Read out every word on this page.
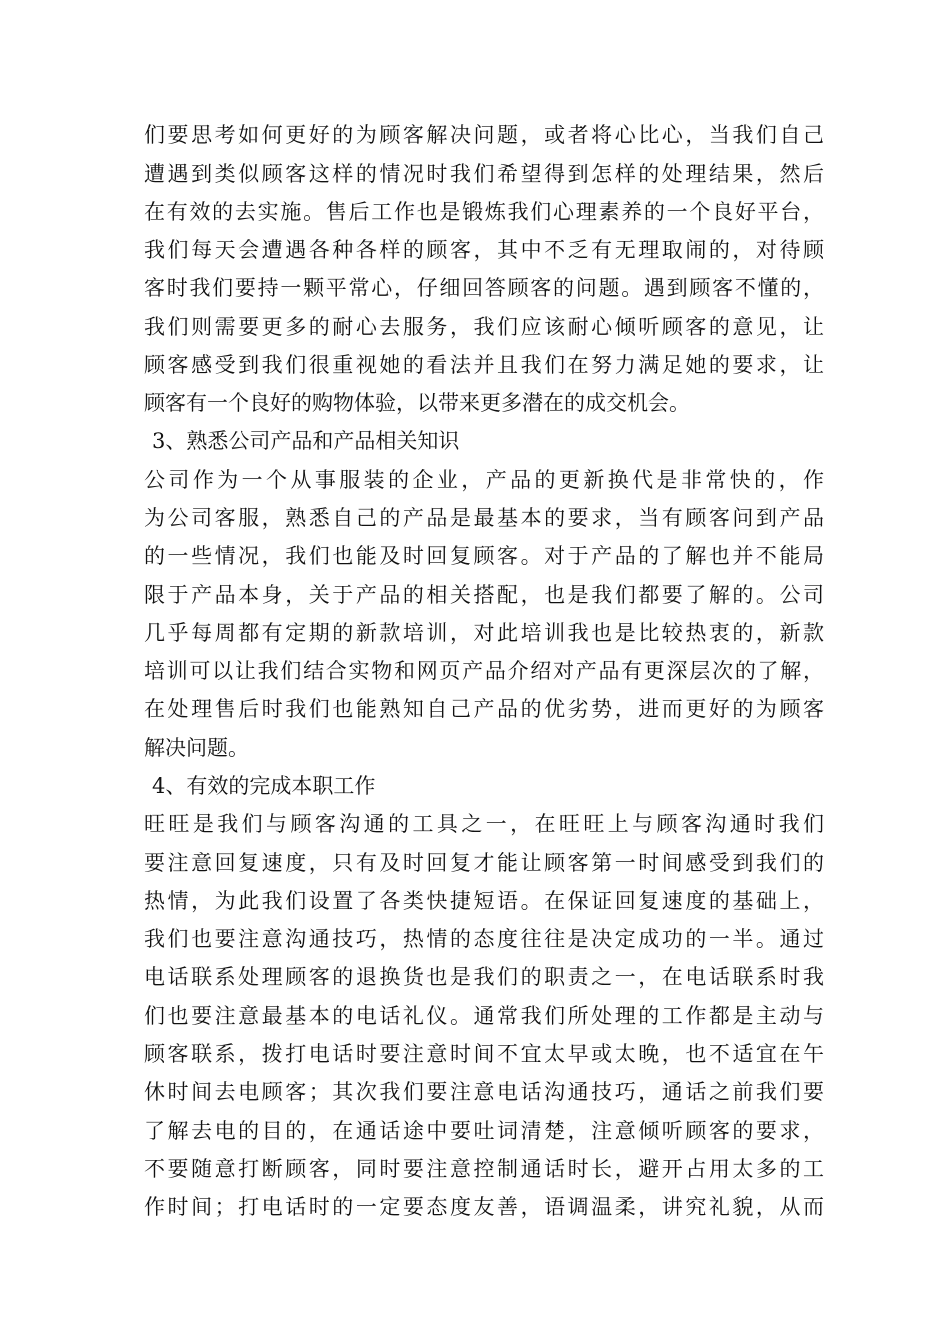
们要思考如何更好的为顾客解决问题，或者将心比心，当我们自己
遭遇到类似顾客这样的情况时我们希望得到怎样的处理结果，然后
在有效的去实施。售后工作也是锻炼我们心理素养的一个良好平台，
我们每天会遭遇各种各样的顾客，其中不乏有无理取闹的，对待顾
客时我们要持一颗平常心，仔细回答顾客的问题。遇到顾客不懂的，
我们则需要更多的耐心去服务，我们应该耐心倾听顾客的意见，让
顾客感受到我们很重视她的看法并且我们在努力满足她的要求，让
顾客有一个良好的购物体验，以带来更多潜在的成交机会。
3、熟悉公司产品和产品相关知识
公司作为一个从事服装的企业，产品的更新换代是非常快的，作
为公司客服，熟悉自己的产品是最基本的要求，当有顾客问到产品
的一些情况，我们也能及时回复顾客。对于产品的了解也并不能局
限于产品本身，关于产品的相关搭配，也是我们都要了解的。公司
几乎每周都有定期的新款培训，对此培训我也是比较热衷的，新款
培训可以让我们结合实物和网页产品介绍对产品有更深层次的了解，
在处理售后时我们也能熟知自己产品的优劣势，进而更好的为顾客
解决问题。
4、有效的完成本职工作
旺旺是我们与顾客沟通的工具之一，在旺旺上与顾客沟通时我们
要注意回复速度，只有及时回复才能让顾客第一时间感受到我们的
热情，为此我们设置了各类快捷短语。在保证回复速度的基础上，
我们也要注意沟通技巧，热情的态度往往是决定成功的一半。通过
电话联系处理顾客的退换货也是我们的职责之一，在电话联系时我
们也要注意最基本的电话礼仪。通常我们所处理的工作都是主动与
顾客联系，拨打电话时要注意时间不宜太早或太晚，也不适宜在午
休时间去电顾客；其次我们要注意电话沟通技巧，通话之前我们要
了解去电的目的，在通话途中要吐词清楚，注意倾听顾客的要求，
不要随意打断顾客，同时要注意控制通话时长，避开占用太多的工
作时间；打电话时的一定要态度友善，语调温柔，讲究礼貌，从而
